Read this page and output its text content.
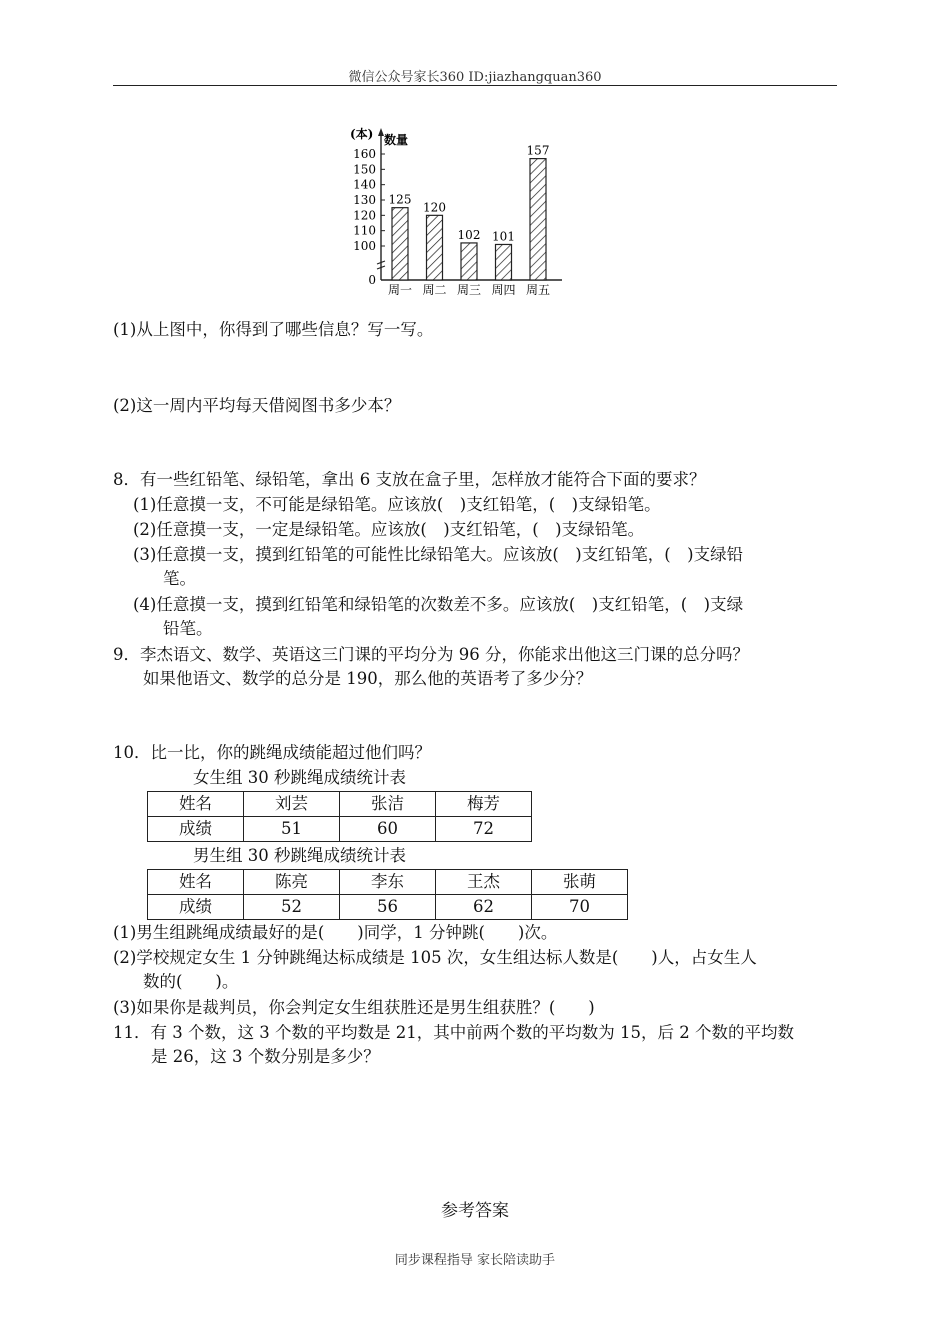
微信公众号家长360 ID:jiazhangquan360
160
150
140
130
120
110
100
0
125
120
102 101
157
周一 周二 周三 周四 周五
(本) 数量
(1)从上图中，你得到了哪些信息？写一写。
(2)这一周内平均每天借阅图书多少本？
8．有一些红铅笔、绿铅笔，拿出 6 支放在盒子里，怎样放才能符合下面的要求？
(1)任意摸一支，不可能是绿铅笔。应该放(　)支红铅笔，(　)支绿铅笔。
(2)任意摸一支，一定是绿铅笔。应该放(　)支红铅笔，(　)支绿铅笔。
(3)任意摸一支，摸到红铅笔的可能性比绿铅笔大。应该放(　)支红铅笔，(　)支绿铅
笔。
(4)任意摸一支，摸到红铅笔和绿铅笔的次数差不多。应该放(　)支红铅笔，(　)支绿
铅笔。
9．李杰语文、数学、英语这三门课的平均分为 96 分，你能求出他这三门课的总分吗？
如果他语文、数学的总分是 190，那么他的英语考了多少分？
10．比一比，你的跳绳成绩能超过他们吗？
女生组 30 秒跳绳成绩统计表
姓名	刘芸	张洁	梅芳
成绩	51	60	72
男生组 30 秒跳绳成绩统计表
姓名	陈亮	李东	王杰	张萌
成绩	52	56	62	70
(1)男生组跳绳成绩最好的是(　　)同学，1 分钟跳(　　)次。
(2)学校规定女生 1 分钟跳绳达标成绩是 105 次，女生组达标人数是(　　)人，占女生人
数的(　　)。
(3)如果你是裁判员，你会判定女生组获胜还是男生组获胜？(　　)
11．有 3 个数，这 3 个数的平均数是 21，其中前两个数的平均数为 15，后 2 个数的平均数
是 26，这 3 个数分别是多少？
参考答案
同步课程指导 家长陪读助手
